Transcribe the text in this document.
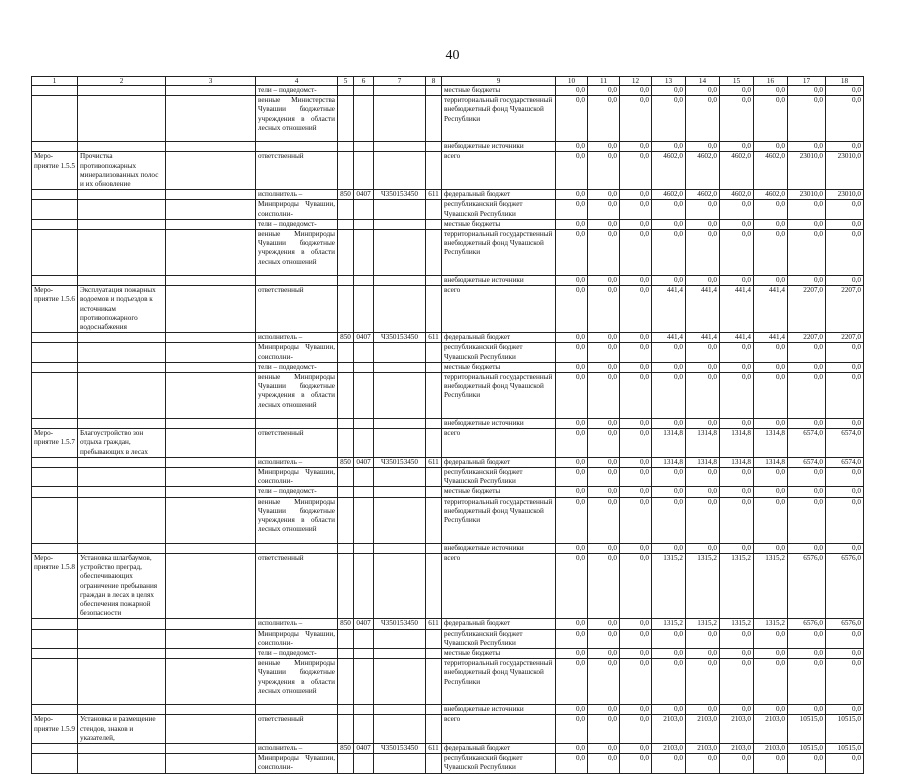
40
1	2	3	4	5	6	7	8	9	10	11	12	13	14	15	16	17	18
			тели – подведомст-					местные бюджеты	0,0	0,0	0,0	0,0	0,0	0,0	0,0	0,0	0,0
			венные Министерства Чувашии бюджетные учреждения в области лесных отношений					территориальный государственный внебюджетный фонд Чувашской Республики	0,0	0,0	0,0	0,0	0,0	0,0	0,0	0,0	0,0
								внебюджетные источники	0,0	0,0	0,0	0,0	0,0	0,0	0,0	0,0	0,0
Меро-приятие 1.5.5	Прочистка противопожарных минерализованных полос и их обновление		ответственный					всего	0,0	0,0	0,0	4602,0	4602,0	4602,0	4602,0	23010,0	23010,0
			исполнитель –	850	0407	Ч350153450	611	федеральный бюджет	0,0	0,0	0,0	4602,0	4602,0	4602,0	4602,0	23010,0	23010,0
			Минприроды Чувашии, соисполни-					республиканский бюджет Чувашской Республики	0,0	0,0	0,0	0,0	0,0	0,0	0,0	0,0	0,0
			тели – подведомст-					местные бюджеты	0,0	0,0	0,0	0,0	0,0	0,0	0,0	0,0	0,0
			венные Минприроды Чувашии бюджетные учреждения в области лесных отношений					территориальный государственный внебюджетный фонд Чувашской Республики	0,0	0,0	0,0	0,0	0,0	0,0	0,0	0,0	0,0
								внебюджетные источники	0,0	0,0	0,0	0,0	0,0	0,0	0,0	0,0	0,0
Меро-приятие 1.5.6	Эксплуатация пожарных водоемов и подъездов к источникам противопожарного водоснабжения		ответственный					всего	0,0	0,0	0,0	441,4	441,4	441,4	441,4	2207,0	2207,0
			исполнитель –	850	0407	Ч350153450	611	федеральный бюджет	0,0	0,0	0,0	441,4	441,4	441,4	441,4	2207,0	2207,0
			Минприроды Чувашии, соисполни-					республиканский бюджет Чувашской Республики	0,0	0,0	0,0	0,0	0,0	0,0	0,0	0,0	0,0
			тели – подведомст-					местные бюджеты	0,0	0,0	0,0	0,0	0,0	0,0	0,0	0,0	0,0
			венные Минприроды Чувашии бюджетные учреждения в области лесных отношений					территориальный государственный внебюджетный фонд Чувашской Республики	0,0	0,0	0,0	0,0	0,0	0,0	0,0	0,0	0,0
								внебюджетные источники	0,0	0,0	0,0	0,0	0,0	0,0	0,0	0,0	0,0
Меро-приятие 1.5.7	Благоустройство зон отдыха граждан, пребывающих в лесах		ответственный					всего	0,0	0,0	0,0	1314,8	1314,8	1314,8	1314,8	6574,0	6574,0
			исполнитель –	850	0407	Ч350153450	611	федеральный бюджет	0,0	0,0	0,0	1314,8	1314,8	1314,8	1314,8	6574,0	6574,0
			Минприроды Чувашии, соисполни-					республиканский бюджет Чувашской Республики	0,0	0,0	0,0	0,0	0,0	0,0	0,0	0,0	0,0
			тели – подведомст-					местные бюджеты	0,0	0,0	0,0	0,0	0,0	0,0	0,0	0,0	0,0
			венные Минприроды Чувашии бюджетные учреждения в области лесных отношений					территориальный государственный внебюджетный фонд Чувашской Республики	0,0	0,0	0,0	0,0	0,0	0,0	0,0	0,0	0,0
								внебюджетные источники	0,0	0,0	0,0	0,0	0,0	0,0	0,0	0,0	0,0
Меро-приятие 1.5.8	Установка шлагбаумов, устройство преград, обеспечивающих ограничение пребывания граждан в лесах в целях обеспечения пожарной безопасности		ответственный					всего	0,0	0,0	0,0	1315,2	1315,2	1315,2	1315,2	6576,0	6576,0
			исполнитель –	850	0407	Ч350153450	611	федеральный бюджет	0,0	0,0	0,0	1315,2	1315,2	1315,2	1315,2	6576,0	6576,0
			Минприроды Чувашии, соисполни-					республиканский бюджет Чувашской Республики	0,0	0,0	0,0	0,0	0,0	0,0	0,0	0,0	0,0
			тели – подведомст-					местные бюджеты	0,0	0,0	0,0	0,0	0,0	0,0	0,0	0,0	0,0
			венные Минприроды Чувашии бюджетные учреждения в области лесных отношений					территориальный государственный внебюджетный фонд Чувашской Республики	0,0	0,0	0,0	0,0	0,0	0,0	0,0	0,0	0,0
								внебюджетные источники	0,0	0,0	0,0	0,0	0,0	0,0	0,0	0,0	0,0
Меро-приятие 1.5.9	Установка и размещение стендов, знаков и указателей,		ответственный					всего	0,0	0,0	0,0	2103,0	2103,0	2103,0	2103,0	10515,0	10515,0
			исполнитель –	850	0407	Ч350153450	611	федеральный бюджет	0,0	0,0	0,0	2103,0	2103,0	2103,0	2103,0	10515,0	10515,0
			Минприроды Чувашии, соисполни-					республиканский бюджет Чувашской Республики	0,0	0,0	0,0	0,0	0,0	0,0	0,0	0,0	0,0
